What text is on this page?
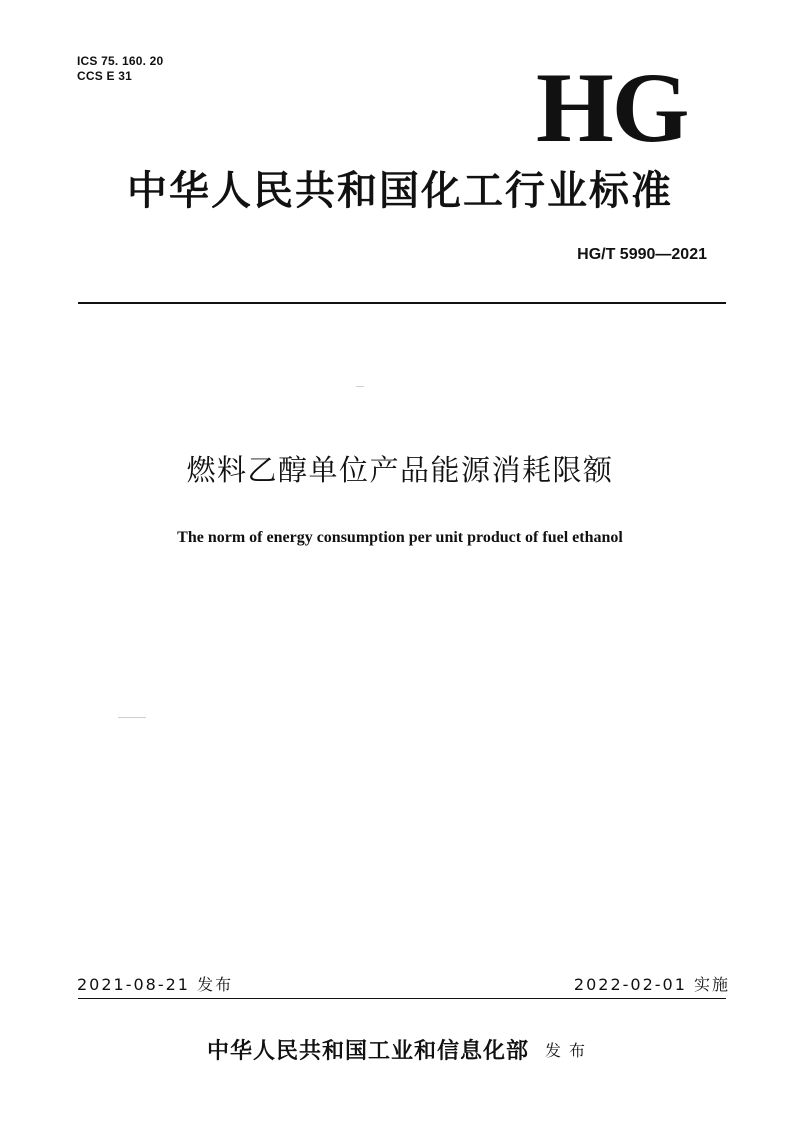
ICS 75. 160. 20
CCS E 31	HG
中华人民共和国化工行业标准
HG/T 5990—2021
燃料乙醇单位产品能源消耗限额
The norm of energy consumption per unit product of fuel ethanol
2021-08-21 发布	2022-02-01 实施
中华人民共和国工业和信息化部 发布
